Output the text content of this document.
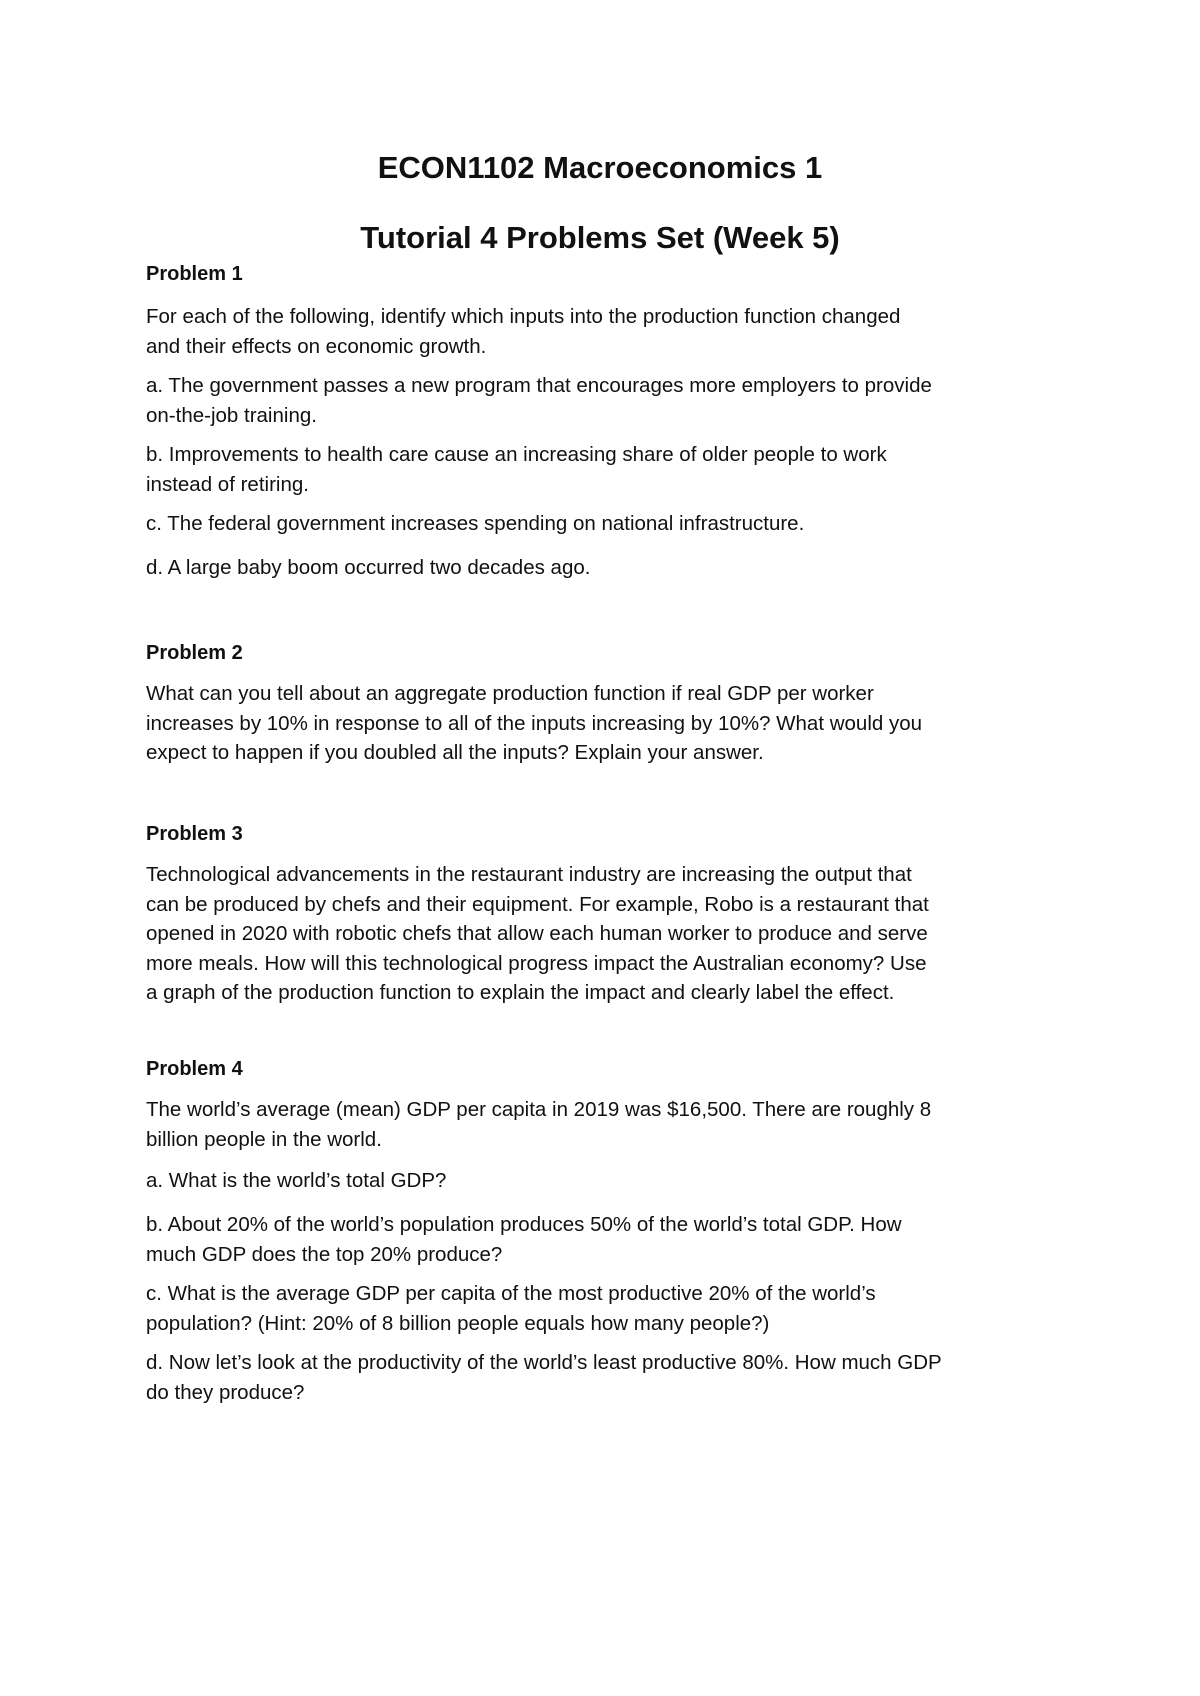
ECON1102 Macroeconomics 1
Tutorial 4 Problems Set (Week 5)
Problem 1

For each of the following, identify which inputs into the production function changed
and their effects on economic growth.

a. The government passes a new program that encourages more employers to provide
on-the-job training.

b. Improvements to health care cause an increasing share of older people to work
instead of retiring.

c. The federal government increases spending on national infrastructure.

d. A large baby boom occurred two decades ago.

Problem 2

What can you tell about an aggregate production function if real GDP per worker
increases by 10% in response to all of the inputs increasing by 10%? What would you
expect to happen if you doubled all the inputs? Explain your answer.

Problem 3

Technological advancements in the restaurant industry are increasing the output that
can be produced by chefs and their equipment. For example, Robo is a restaurant that
opened in 2020 with robotic chefs that allow each human worker to produce and serve
more meals. How will this technological progress impact the Australian economy? Use
a graph of the production function to explain the impact and clearly label the effect.

Problem 4

The world’s average (mean) GDP per capita in 2019 was $16,500. There are roughly 8
billion people in the world.

a. What is the world’s total GDP?

b. About 20% of the world’s population produces 50% of the world’s total GDP. How
much GDP does the top 20% produce?

c. What is the average GDP per capita of the most productive 20% of the world’s
population? (Hint: 20% of 8 billion people equals how many people?)

d. Now let’s look at the productivity of the world’s least productive 80%. How much GDP
do they produce?
